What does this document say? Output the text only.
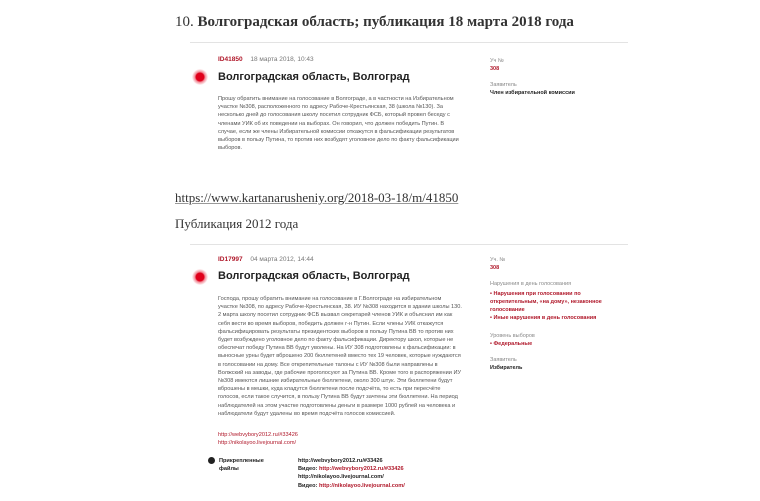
10. Волгоградская область; публикация 18 марта 2018 года
ID41850 18 марта 2018, 10:43
Волгоградская область, Волгоград
Прошу обратить внимание на голосование в Волгограде, а в частности на Избирательном
участке №308, расположенного по адресу Рабоче-Крестьянская, 38 (школа №130). За
несколько дней до голосования школу посетил сотрудник ФСБ, который провел беседу с
членами УИК об их поведении на выборах. Он говорил, что должен победить Путин. В
случае, если же члены Избирательной комиссии откажутся в фальсификации результатов
выборов в пользу Путина, то против них возбудят уголовное дело по факту фальсификации
выборов.
Уч №
308
Заявитель
Член избирательной комиссии
https://www.kartanarusheniy.org/2018-03-18/m/41850
Публикация 2012 года
ID17997 04 марта 2012, 14:44
Волгоградская область, Волгоград
Господа, прошу обратить внимание на голосование в Г.Волгограде на избирательном
участке №308, по адресу Рабоче-Крестьянская, 38. ИУ №308 находится в здании школы 130.
2 марта школу посетил сотрудник ФСБ вызвал секретарей членов УИК и объяснил им как
себя вести во время выборов, победить должен г-н Путин. Если члены УИК откажутся
фальсифицировать результаты президентских выборов в пользу Путина ВВ то против них
будет возбуждено уголовное дело по факту фальсификации. Директору школ, которые не
обеспечат победу Путина ВВ будут уволены. На ИУ 308 подготовлены к фальсификации: в
выносные урны будет вброшено 200 бюллетеней вместо тех 19 человек, которые нуждаются
в голосовании на дому. Все открепительные талоны с ИУ №308 были направлены в
Волжский на заводы, где рабочие проголосуют за Путина ВВ. Кроме того в распоряжении ИУ
№308 имеются лишние избирательные бюллетени, около 300 штук. Эти бюллетени будут
вброшены в мешки, куда кладутся бюллетени после подсчёта, то есть при пересчёте
голосов, если такое случится, в пользу Путина ВВ будут зачтены эти бюллетени. На период
наблюдателей на этом участке подготовлены деньги в размере 1000 рублей на человека и
наблюдатели будут удалены во время подсчёта голосов комиссией.
http://webvybory2012.ru/#33426
http://nikolayoo.livejournal.com/
Прикрепленные
файлы
http://webvybory2012.ru/#33426
Видео: http://webvybory2012.ru/#33426
http://nikolayoo.livejournal.com/
Видео: http://nikolayoo.livejournal.com/
Уч. №
308
Нарушения в день голосования
• Нарушения при голосовании по открепительным, «на дому», незаконное голосование
• Иные нарушения в день голосования
Уровень выборов
• Федеральные
Заявитель
Избиратель
